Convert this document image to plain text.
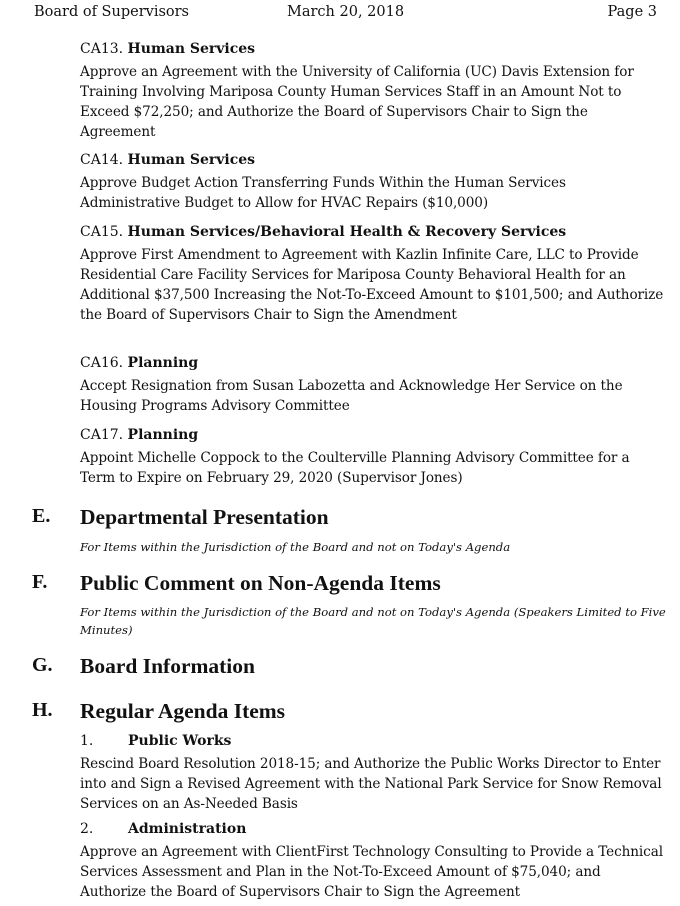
Board of Supervisors	March 20, 2018	Page 3
CA13. Human Services
Approve an Agreement with the University of California (UC) Davis Extension for Training Involving Mariposa County Human Services Staff in an Amount Not to Exceed $72,250; and Authorize the Board of Supervisors Chair to Sign the Agreement
CA14. Human Services
Approve Budget Action Transferring Funds Within the Human Services Administrative Budget to Allow for HVAC Repairs ($10,000)
CA15. Human Services/Behavioral Health & Recovery Services
Approve First Amendment to Agreement with Kazlin Infinite Care, LLC to Provide Residential Care Facility Services for Mariposa County Behavioral Health for an Additional $37,500 Increasing the Not-To-Exceed Amount to $101,500; and Authorize the Board of Supervisors Chair to Sign the Amendment
CA16. Planning
Accept Resignation from Susan Labozetta and Acknowledge Her Service on the Housing Programs Advisory Committee
CA17. Planning
Appoint Michelle Coppock to the Coulterville Planning Advisory Committee for a Term to Expire on February 29, 2020 (Supervisor Jones)
E. Departmental Presentation
For Items within the Jurisdiction of the Board and not on Today's Agenda
F. Public Comment on Non-Agenda Items
For Items within the Jurisdiction of the Board and not on Today's Agenda (Speakers Limited to Five Minutes)
G. Board Information
H. Regular Agenda Items
1. Public Works
Rescind Board Resolution 2018-15; and Authorize the Public Works Director to Enter into and Sign a Revised Agreement with the National Park Service for Snow Removal Services on an As-Needed Basis
2. Administration
Approve an Agreement with ClientFirst Technology Consulting to Provide a Technical Services Assessment and Plan in the Not-To-Exceed Amount of $75,040; and Authorize the Board of Supervisors Chair to Sign the Agreement
